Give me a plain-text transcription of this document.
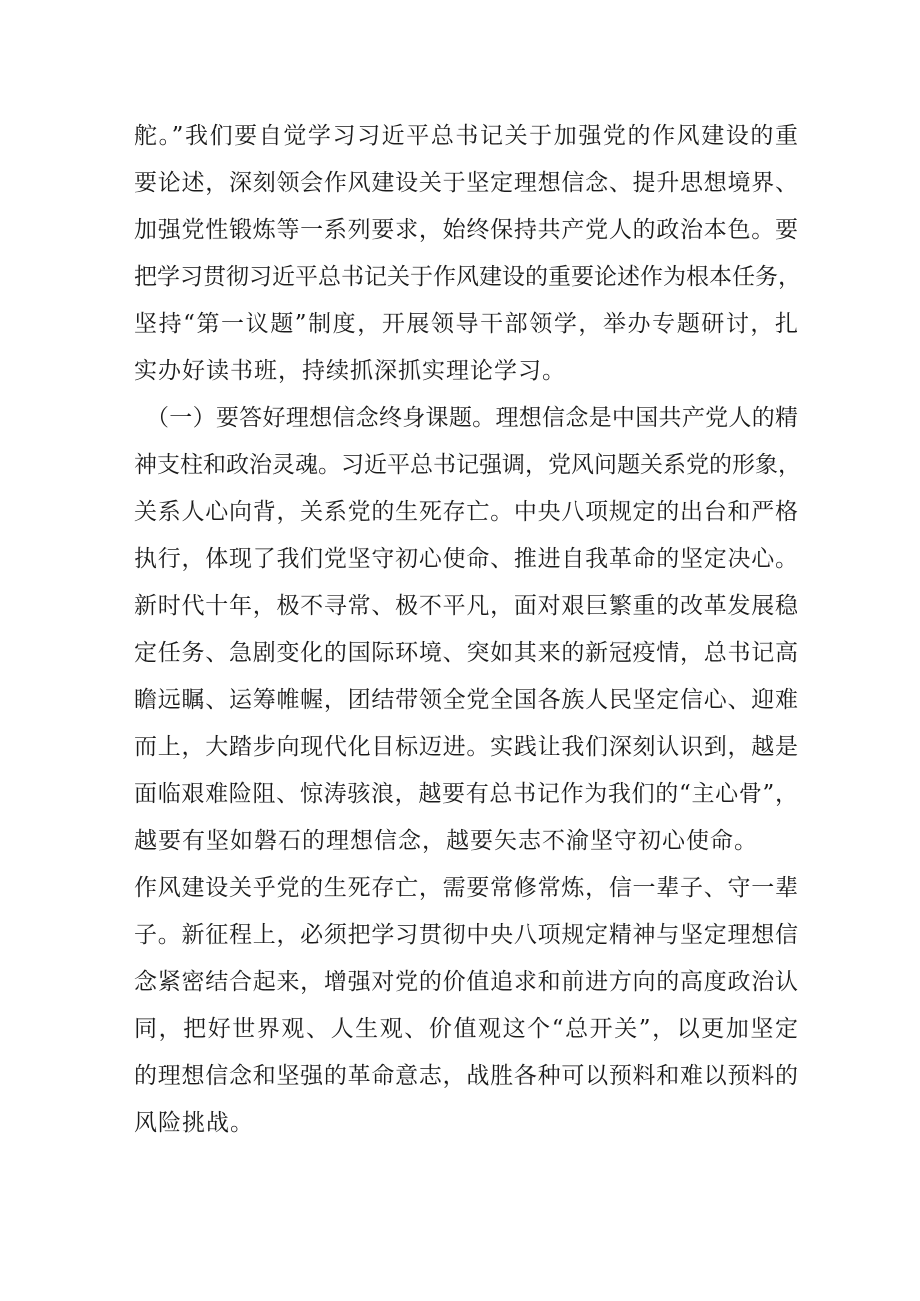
舵。”我们要自觉学习习近平总书记关于加强党的作风建设的重
要论述，深刻领会作风建设关于坚定理想信念、提升思想境界、
加强党性锻炼等一系列要求，始终保持共产党人的政治本色。要
把学习贯彻习近平总书记关于作风建设的重要论述作为根本任务，
坚持“第一议题”制度，开展领导干部领学，举办专题研讨，扎
实办好读书班，持续抓深抓实理论学习。
（一）要答好理想信念终身课题。理想信念是中国共产党人的精
神支柱和政治灵魂。习近平总书记强调，党风问题关系党的形象，
关系人心向背，关系党的生死存亡。中央八项规定的出台和严格
执行，体现了我们党坚守初心使命、推进自我革命的坚定决心。
新时代十年，极不寻常、极不平凡，面对艰巨繁重的改革发展稳
定任务、急剧变化的国际环境、突如其来的新冠疫情，总书记高
瞻远瞩、运筹帷幄，团结带领全党全国各族人民坚定信心、迎难
而上，大踏步向现代化目标迈进。实践让我们深刻认识到，越是
面临艰难险阻、惊涛骇浪，越要有总书记作为我们的“主心骨”，
越要有坚如磐石的理想信念，越要矢志不渝坚守初心使命。
作风建设关乎党的生死存亡，需要常修常炼，信一辈子、守一辈
子。新征程上，必须把学习贯彻中央八项规定精神与坚定理想信
念紧密结合起来，增强对党的价值追求和前进方向的高度政治认
同，把好世界观、人生观、价值观这个“总开关”，以更加坚定
的理想信念和坚强的革命意志，战胜各种可以预料和难以预料的
风险挑战。
